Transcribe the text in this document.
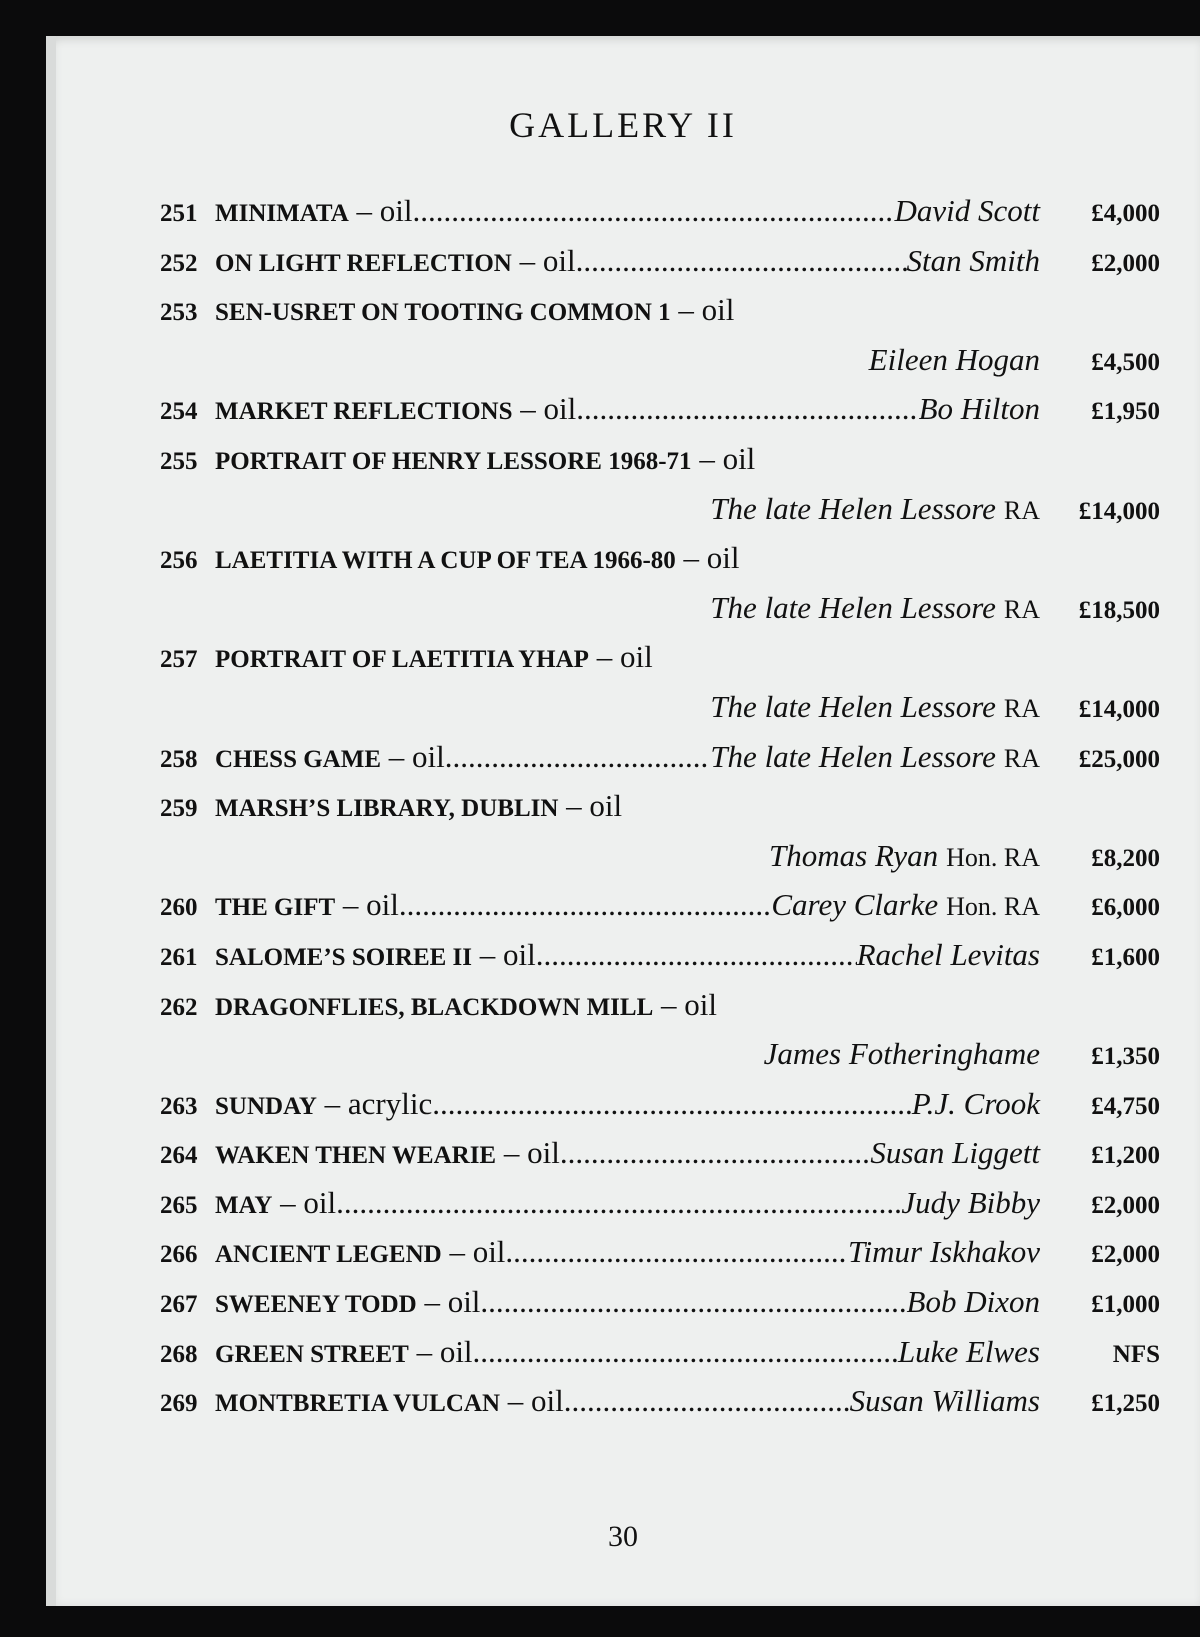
GALLERY II
251 MINIMATA – oil .....	David Scott	£4,000
252 ON LIGHT REFLECTION – oil .....	Stan Smith	£2,000
253 SEN-USRET ON TOOTING COMMON 1 – oil
Eileen Hogan	£4,500
254 MARKET REFLECTIONS – oil .....	Bo Hilton	£1,950
255 PORTRAIT OF HENRY LESSORE 1968-71 – oil
The late Helen Lessore RA	£14,000
256 LAETITIA WITH A CUP OF TEA 1966-80 – oil
The late Helen Lessore RA	£18,500
257 PORTRAIT OF LAETITIA YHAP – oil
The late Helen Lessore RA	£14,000
258 CHESS GAME – oil .....	The late Helen Lessore RA	£25,000
259 MARSH’S LIBRARY, DUBLIN – oil
Thomas Ryan Hon. RA	£8,200
260 THE GIFT – oil .....	Carey Clarke Hon. RA	£6,000
261 SALOME’S SOIREE II – oil .....	Rachel Levitas	£1,600
262 DRAGONFLIES, BLACKDOWN MILL – oil
James Fotheringhame	£1,350
263 SUNDAY – acrylic .....	P.J. Crook	£4,750
264 WAKEN THEN WEARIE – oil .....	Susan Liggett	£1,200
265 MAY – oil .....	Judy Bibby	£2,000
266 ANCIENT LEGEND – oil .....	Timur Iskhakov	£2,000
267 SWEENEY TODD – oil .....	Bob Dixon	£1,000
268 GREEN STREET – oil .....	Luke Elwes	NFS
269 MONTBRETIA VULCAN – oil .....	Susan Williams	£1,250
30
